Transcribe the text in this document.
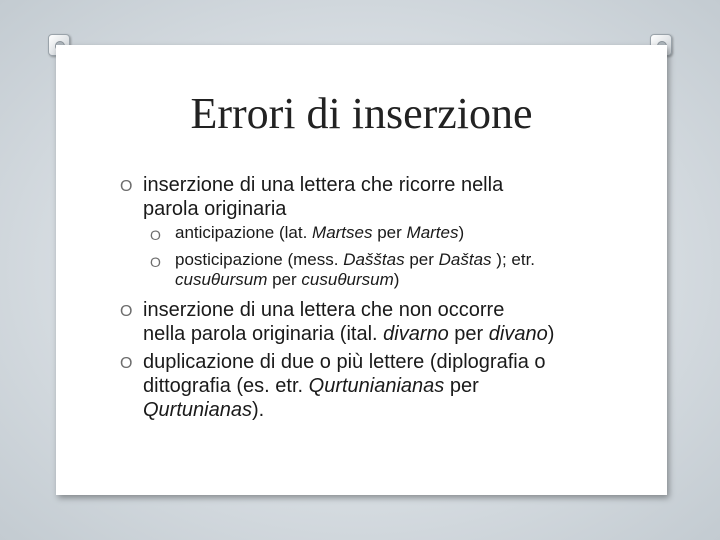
Errori di inserzione
O inserzione di una lettera che ricorre nella
parola originaria
O anticipazione (lat. Martses per Martes)
O posticipazione (mess. Dašštas per Daštas ); etr.
cusuθursum per cusuθursum)
O inserzione di una lettera che non occorre
nella parola originaria (ital. divarno per divano)
O duplicazione di due o più lettere (diplografia o
dittografia (es. etr. Qurtunianianas per
Qurtunianas).
